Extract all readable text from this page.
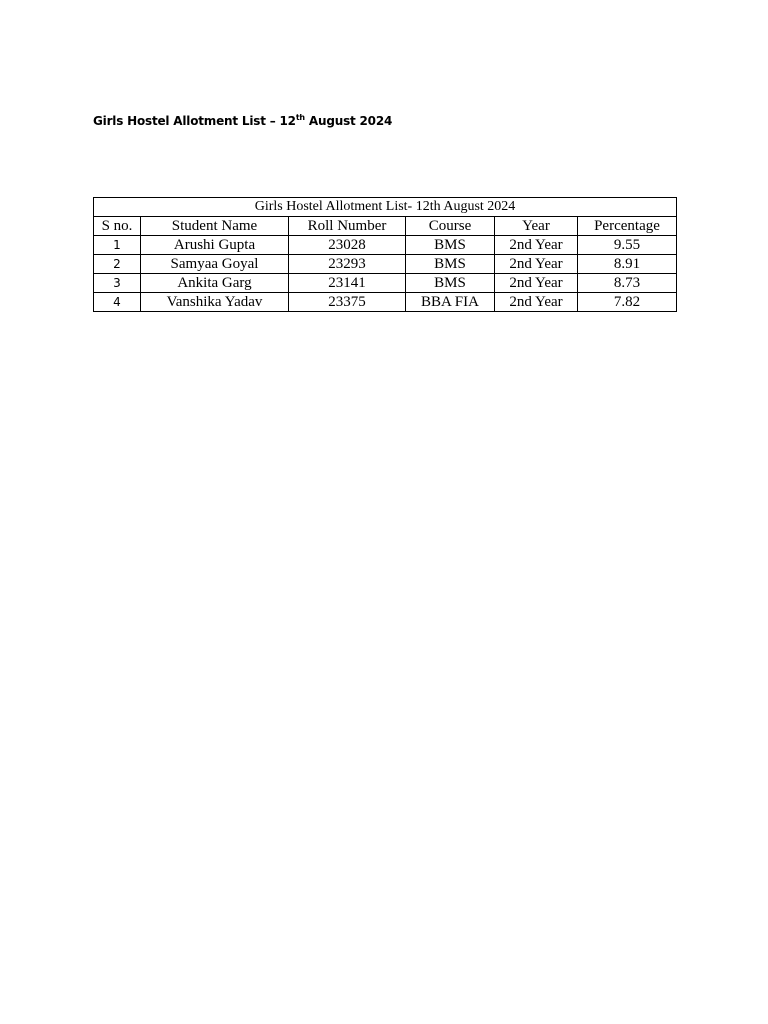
Girls Hostel Allotment List – 12th August 2024
Girls Hostel Allotment List- 12th August 2024					
S no.	Student Name	Roll Number	Course	Year	Percentage
1	Arushi Gupta	23028	BMS	2nd Year	9.55
2	Samyaa Goyal	23293	BMS	2nd Year	8.91
3	Ankita Garg	23141	BMS	2nd Year	8.73
4	Vanshika Yadav	23375	BBA FIA	2nd Year	7.82
